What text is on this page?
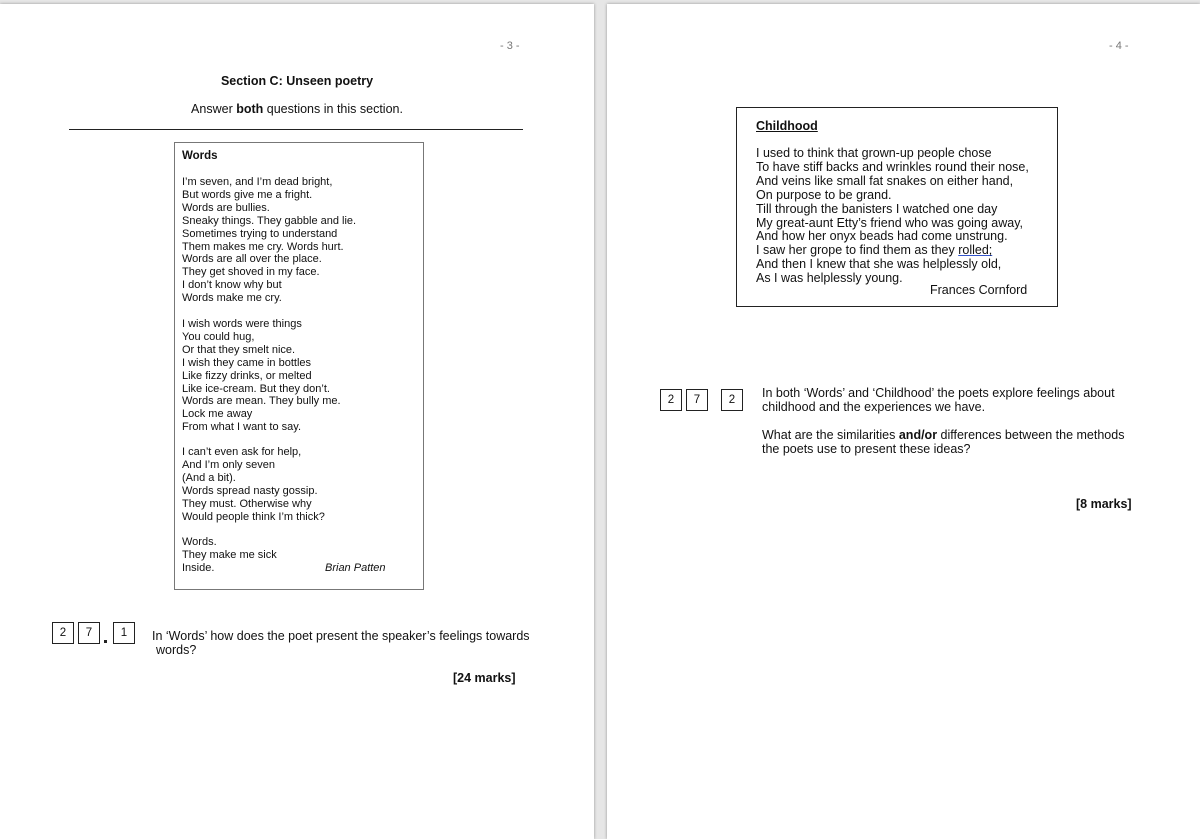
- 3 -
Section C: Unseen poetry
Answer both questions in this section.
Words
I’m seven, and I’m dead bright,
But words give me a fright.
Words are bullies.
Sneaky things. They gabble and lie.
Sometimes trying to understand
Them makes me cry. Words hurt.
Words are all over the place.
They get shoved in my face.
I don’t know why but
Words make me cry.
I wish words were things
You could hug,
Or that they smelt nice.
I wish they came in bottles
Like fizzy drinks, or melted
Like ice-cream. But they don’t.
Words are mean. They bully me.
Lock me away
From what I want to say.
I can’t even ask for help,
And I’m only seven
(And a bit).
Words spread nasty gossip.
They must. Otherwise why
Would people think I’m thick?
Words.
They make me sick
Inside.	Brian Patten
2	7	1	In ‘Words’ how does the poet present the speaker’s feelings towards
words?
[24 marks]
- 4 -
Childhood
I used to think that grown-up people chose
To have stiff backs and wrinkles round their nose,
And veins like small fat snakes on either hand,
On purpose to be grand.
Till through the banisters I watched one day
My great-aunt Etty’s friend who was going away,
And how her onyx beads had come unstrung.
I saw her grope to find them as they rolled;
And then I knew that she was helplessly old,
As I was helplessly young.
Frances Cornford
2	7	2	In both ‘Words’ and ‘Childhood’ the poets explore feelings about
childhood and the experiences we have.
What are the similarities and/or differences between the methods
the poets use to present these ideas?
[8 marks]
